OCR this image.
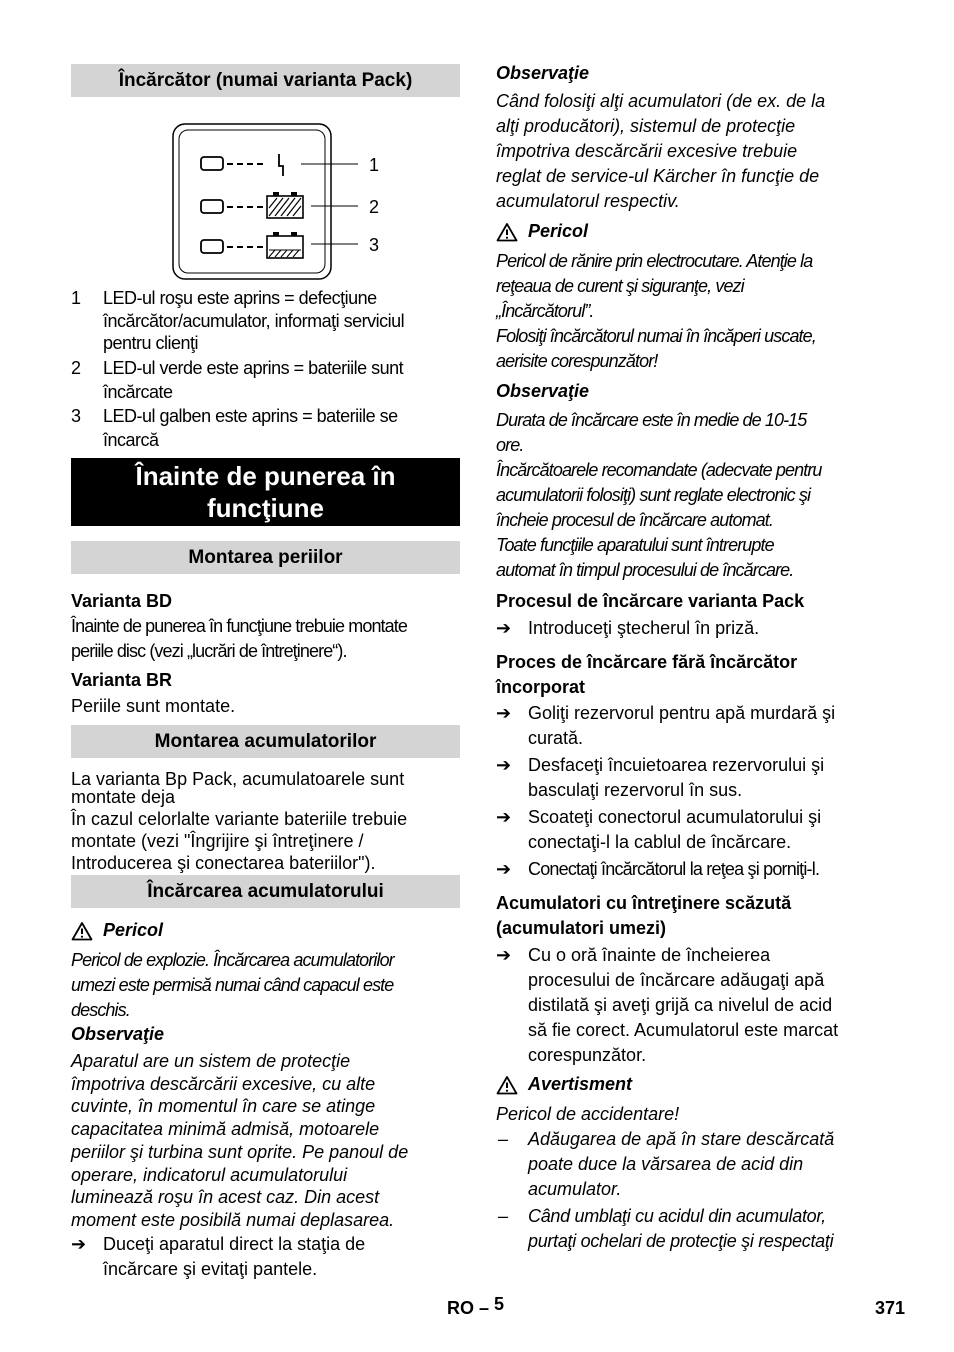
Încărcător (numai varianta Pack)
1
2
3
1 LED-ul roşu este aprins = defecţiune
încărcător/acumulator, informaţi serviciul
pentru clienţi
2 LED-ul verde este aprins = bateriile sunt
încărcate
3 LED-ul galben este aprins = bateriile se
încarcă
Înainte de punerea în
funcţiune
Montarea periilor
Varianta BD
Înainte de punerea în funcţiune trebuie montate
periile disc (vezi „lucrări de întreţinere“).
Varianta BR
Periile sunt montate.
Montarea acumulatorilor
La varianta Bp Pack, acumulatoarele sunt
montate deja
În cazul celorlalte variante bateriile trebuie
montate (vezi "Îngrijire şi întreţinere /
Introducerea şi conectarea bateriilor").
Încărcarea acumulatorului
Pericol
Pericol de explozie. Încărcarea acumulatorilor
umezi este permisă numai când capacul este
deschis.
Observaţie
Aparatul are un sistem de protecţie
împotriva descărcării excesive, cu alte
cuvinte, în momentul în care se atinge
capacitatea minimă admisă, motoarele
periilor şi turbina sunt oprite. Pe panoul de
operare, indicatorul acumulatorului
luminează roşu în acest caz. Din acest
moment este posibilă numai deplasarea.
➔ Duceţi aparatul direct la staţia de
încărcare şi evitaţi pantele.
Observaţie
Când folosiţi alţi acumulatori (de ex. de la
alţi producători), sistemul de protecţie
împotriva descărcării excesive trebuie
reglat de service-ul Kärcher în funcţie de
acumulatorul respectiv.
Pericol
Pericol de rănire prin electrocutare. Atenţie la
reţeaua de curent şi siguranţe, vezi
„Încărcătorul”.
Folosiţi încărcătorul numai în încăperi uscate,
aerisite corespunzător!
Observaţie
Durata de încărcare este în medie de 10-15
ore.
Încărcătoarele recomandate (adecvate pentru
acumulatorii folosiţi) sunt reglate electronic şi
încheie procesul de încărcare automat.
Toate funcţiile aparatului sunt întrerupte
automat în timpul procesului de încărcare.
Procesul de încărcare varianta Pack
➔ Introduceţi ştecherul în priză.
Proces de încărcare fără încărcător
încorporat
➔ Goliţi rezervorul pentru apă murdară şi
curată.
➔ Desfaceţi încuietoarea rezervorului şi
basculaţi rezervorul în sus.
➔ Scoateţi conectorul acumulatorului şi
conectaţi-l la cablul de încărcare.
➔ Conectaţi încărcătorul la reţea şi porniţi-l.
Acumulatori cu întreţinere scăzută
(acumulatori umezi)
➔ Cu o oră înainte de încheierea
procesului de încărcare adăugaţi apă
distilată şi aveţi grijă ca nivelul de acid
să fie corect. Acumulatorul este marcat
corespunzător.
Avertisment
Pericol de accidentare!
– Adăugarea de apă în stare descărcată
poate duce la vărsarea de acid din
acumulator.
– Când umblaţi cu acidul din acumulator,
purtaţi ochelari de protecţie şi respectaţi
RO – 5	371
